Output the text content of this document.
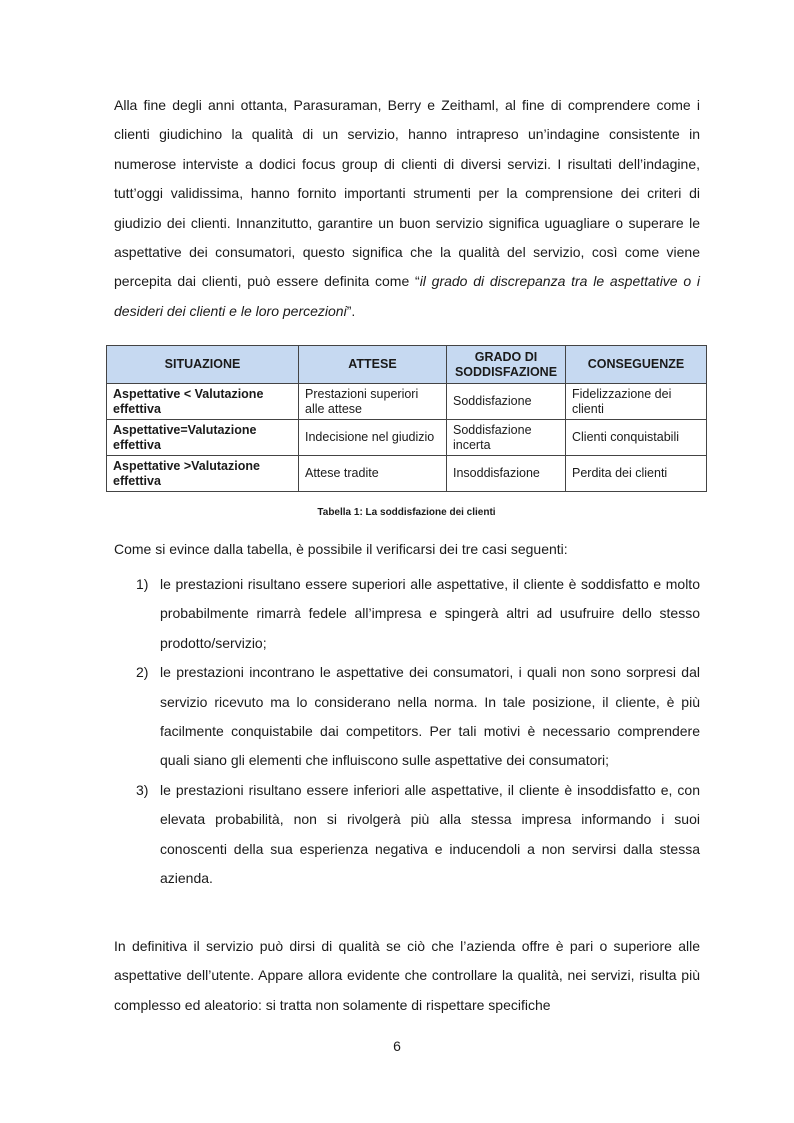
Alla fine degli anni ottanta, Parasuraman, Berry e Zeithaml, al fine di comprendere come i clienti giudichino la qualità di un servizio, hanno intrapreso un’indagine consistente in numerose interviste a dodici focus group di clienti di diversi servizi. I risultati dell’indagine, tutt’oggi validissima, hanno fornito importanti strumenti per la comprensione dei criteri di giudizio dei clienti. Innanzitutto, garantire un buon servizio significa uguagliare o superare le aspettative dei consumatori, questo significa che la qualità del servizio, così come viene percepita dai clienti, può essere definita come “il grado di discrepanza tra le aspettative o i desideri dei clienti e le loro percezioni”.

SITUAZIONE	ATTESE	GRADO DI SODDISFAZIONE	CONSEGUENZE
Aspettative < Valutazione effettiva	Prestazioni superiori alle attese	Soddisfazione	Fidelizzazione dei clienti
Aspettative=Valutazione effettiva	Indecisione nel giudizio	Soddisfazione incerta	Clienti conquistabili
Aspettative >Valutazione effettiva	Attese tradite	Insoddisfazione	Perdita dei clienti

Tabella 1: La soddisfazione dei clienti

Come si evince dalla tabella, è possibile il verificarsi dei tre casi seguenti:

1) le prestazioni risultano essere superiori alle aspettative, il cliente è soddisfatto e molto probabilmente rimarrà fedele all’impresa e spingerà altri ad usufruire dello stesso prodotto/servizio;
2) le prestazioni incontrano le aspettative dei consumatori, i quali non sono sorpresi dal servizio ricevuto ma lo considerano nella norma. In tale posizione, il cliente, è più facilmente conquistabile dai competitors. Per tali motivi è necessario comprendere quali siano gli elementi che influiscono sulle aspettative dei consumatori;
3) le prestazioni risultano essere inferiori alle aspettative, il cliente è insoddisfatto e, con elevata probabilità, non si rivolgerà più alla stessa impresa informando i suoi conoscenti della sua esperienza negativa e inducendoli a non servirsi dalla stessa azienda.

In definitiva il servizio può dirsi di qualità se ciò che l’azienda offre è pari o superiore alle aspettative dell’utente. Appare allora evidente che controllare la qualità, nei servizi, risulta più complesso ed aleatorio: si tratta non solamente di rispettare specifiche

6
